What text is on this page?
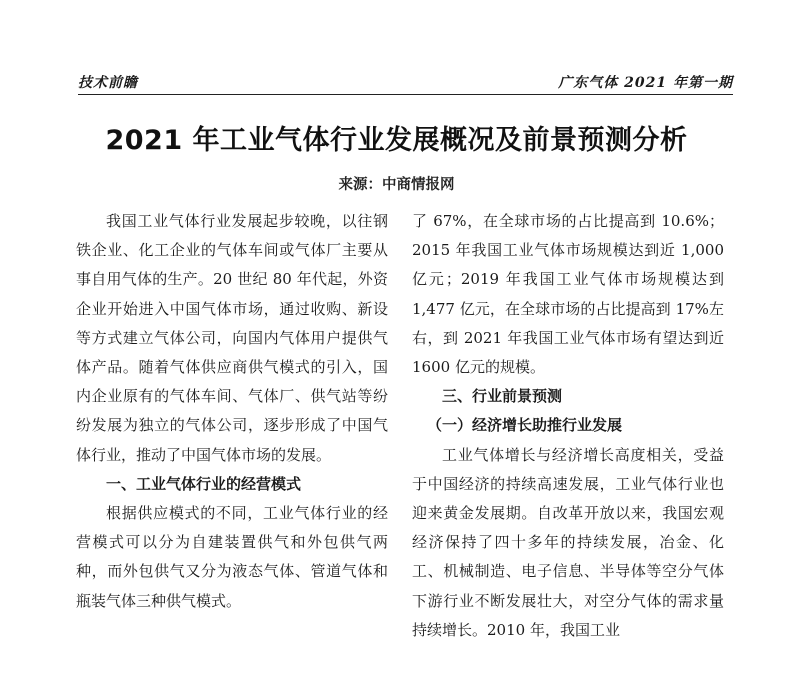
技术前瞻	广东气体 2021 年第一期
2021 年工业气体行业发展概况及前景预测分析
来源：中商情报网

我国工业气体行业发展起步较晚，以往钢铁企业、化工企业的气体车间或气体厂主要从事自用气体的生产。20 世纪 80 年代起，外资企业开始进入中国气体市场，通过收购、新设等方式建立气体公司，向国内气体用户提供气体产品。随着气体供应商供气模式的引入，国内企业原有的气体车间、气体厂、供气站等纷纷发展为独立的气体公司，逐步形成了中国气体行业，推动了中国气体市场的发展。

一、工业气体行业的经营模式

根据供应模式的不同，工业气体行业的经营模式可以分为自建装置供气和外包供气两种，而外包供气又分为液态气体、管道气体和瓶装气体三种供气模式。

了 67%，在全球市场的占比提高到 10.6%；2015 年我国工业气体市场规模达到近 1,000 亿元；2019 年我国工业气体市场规模达到 1,477 亿元，在全球市场的占比提高到 17%左右，到 2021 年我国工业气体市场有望达到近 1600 亿元的规模。

三、行业前景预测

（一）经济增长助推行业发展

工业气体增长与经济增长高度相关，受益于中国经济的持续高速发展，工业气体行业也迎来黄金发展期。自改革开放以来，我国宏观经济保持了四十多年的持续发展，冶金、化工、机械制造、电子信息、半导体等空分气体下游行业不断发展壮大，对空分气体的需求量持续增长。2010 年，我国工业
